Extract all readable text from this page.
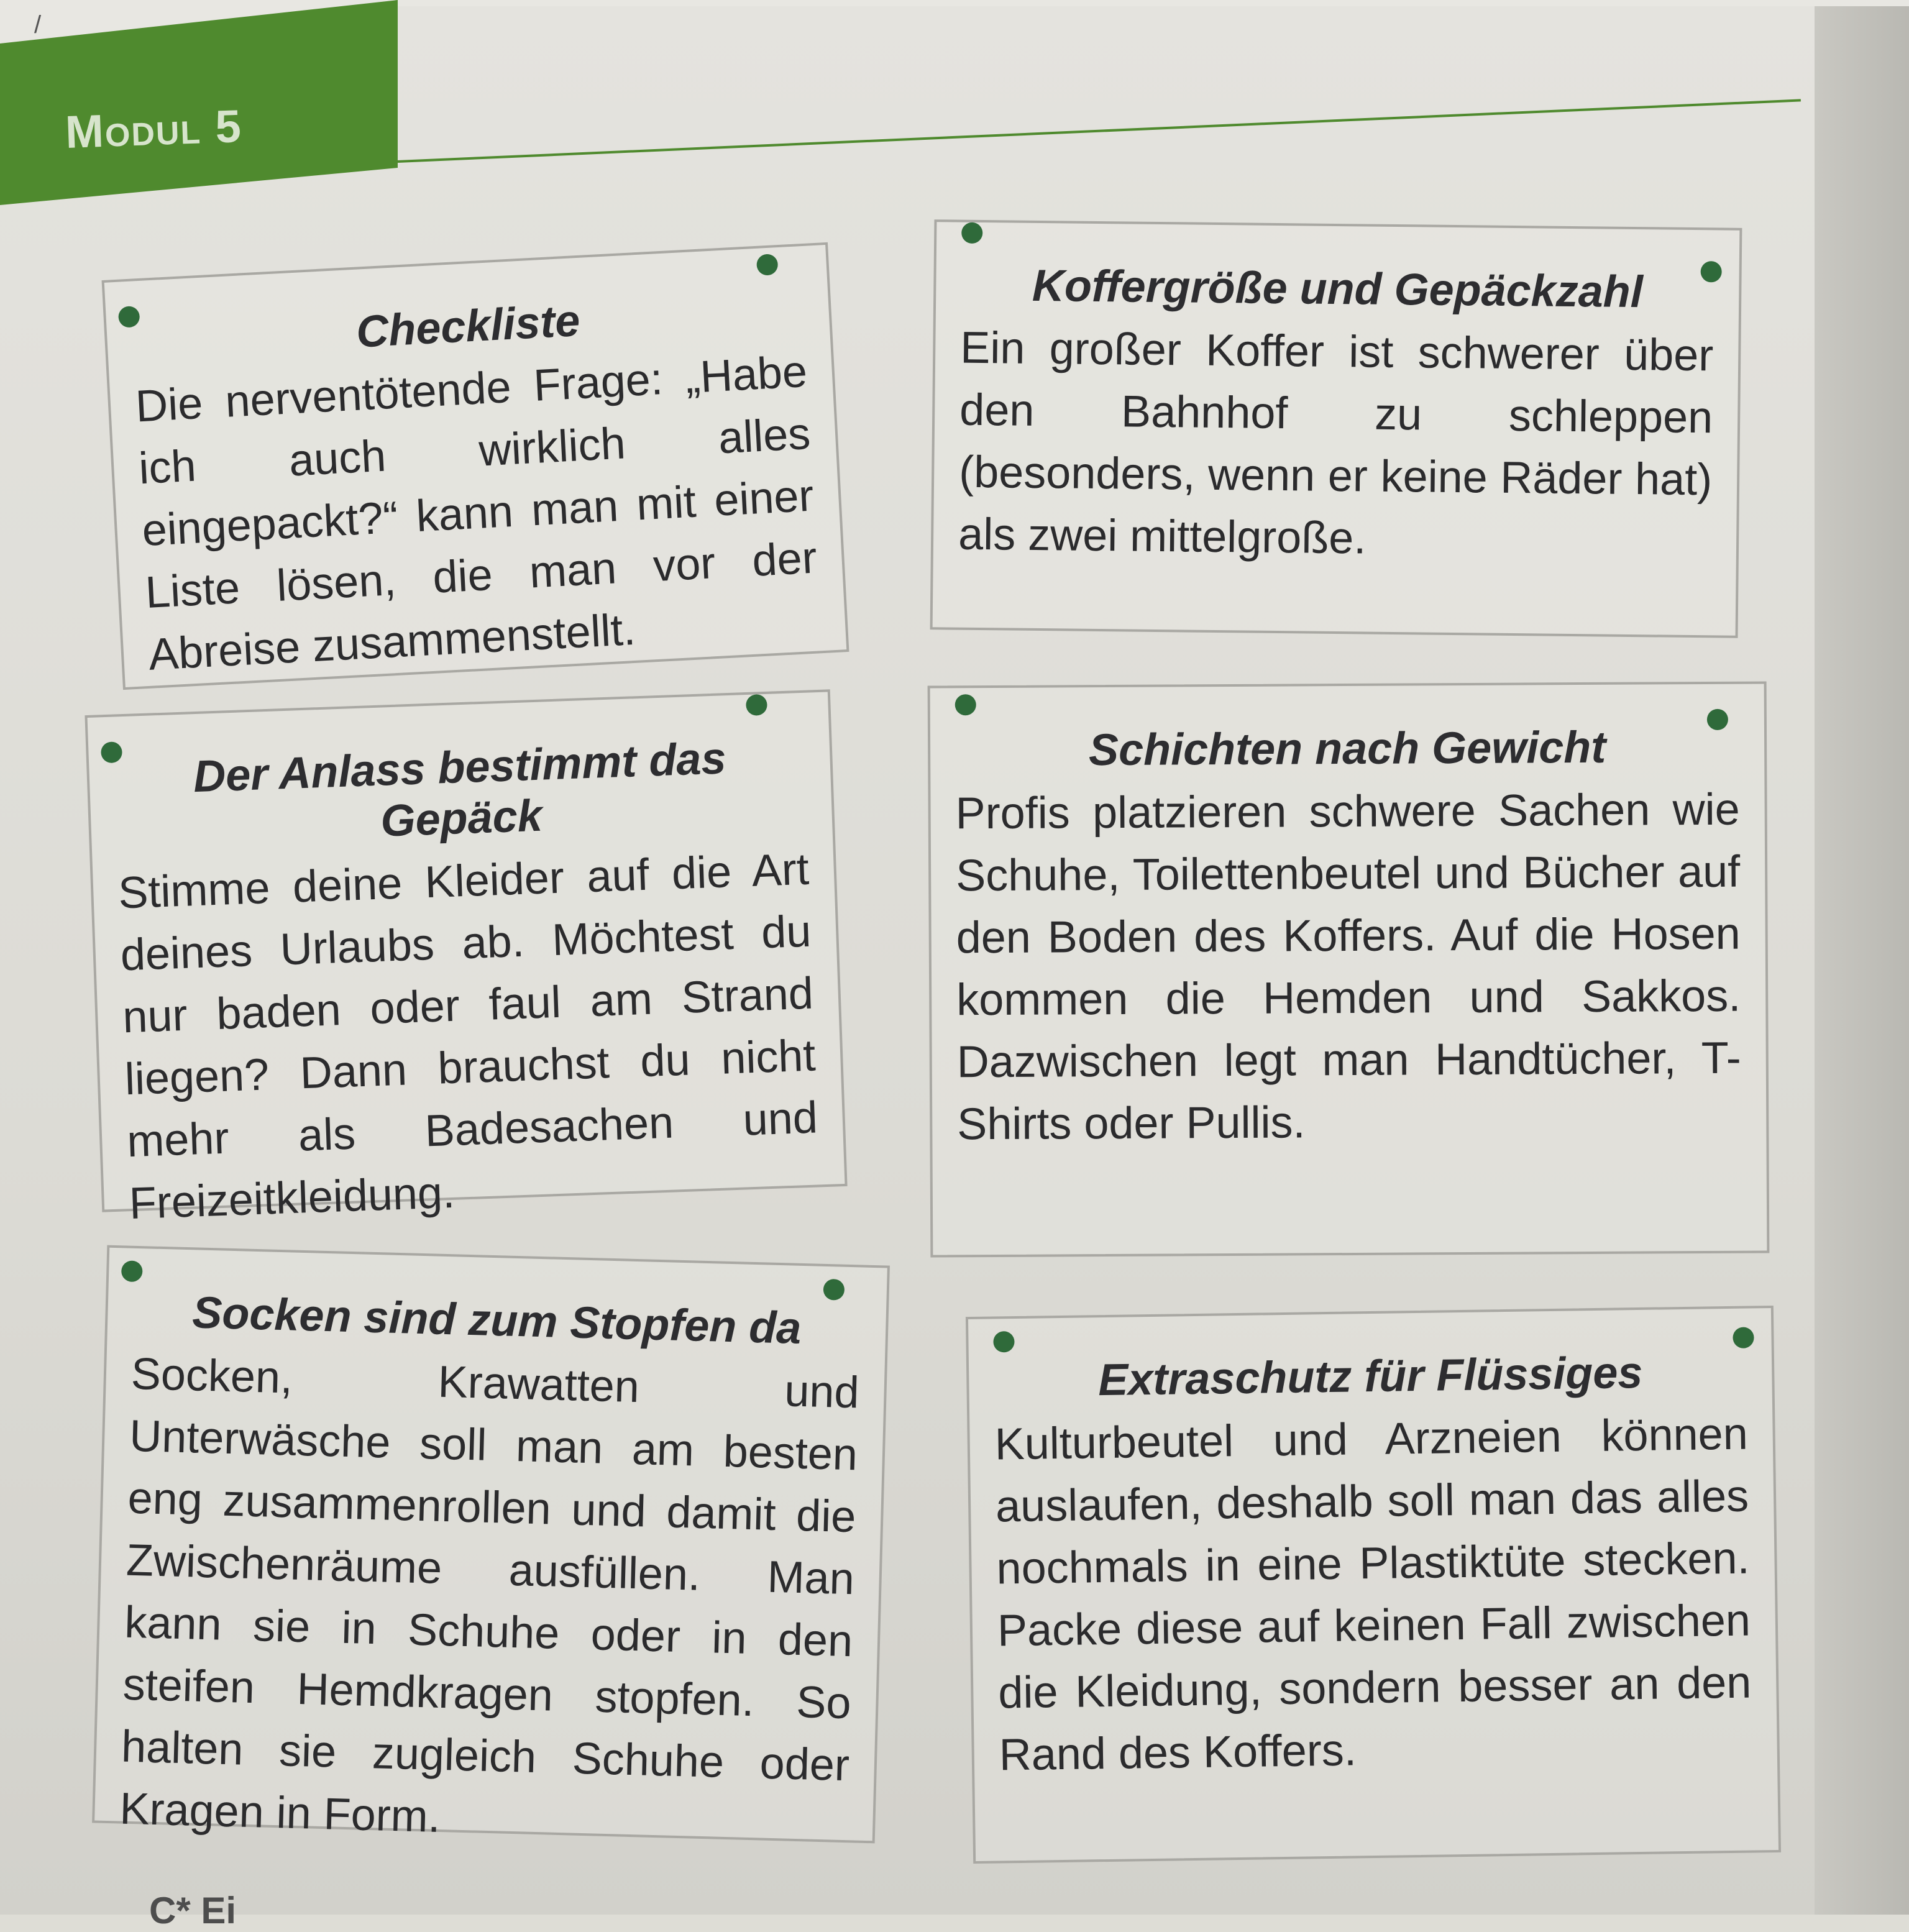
/
Modul 5
Checkliste

Die nerventötende Frage: „Habe ich auch wirklich alles eingepackt?“ kann man mit einer Liste lösen, die man vor der Abreise zusammenstellt.

Koffergröße und Gepäckzahl

Ein großer Koffer ist schwerer über den Bahnhof zu schleppen (besonders, wenn er keine Räder hat) als zwei mittelgroße.

Der Anlass bestimmt das Gepäck

Stimme deine Kleider auf die Art deines Urlaubs ab. Möchtest du nur baden oder faul am Strand liegen? Dann brauchst du nicht mehr als Badesachen und Freizeitkleidung.

Schichten nach Gewicht

Profis platzieren schwere Sachen wie Schuhe, Toilettenbeutel und Bücher auf den Boden des Koffers. Auf die Hosen kommen die Hemden und Sakkos. Dazwischen legt man Handtücher, T-Shirts oder Pullis.

Socken sind zum Stopfen da

Socken, Krawatten und Unterwäsche soll man am besten eng zusammenrollen und damit die Zwischenräume ausfüllen. Man kann sie in Schuhe oder in den steifen Hemdkragen stopfen. So halten sie zugleich Schuhe oder Kragen in Form.

Extraschutz für Flüssiges

Kulturbeutel und Arzneien können auslaufen, deshalb soll man das alles nochmals in eine Plastiktüte stecken. Packe diese auf keinen Fall zwischen die Kleidung, sondern besser an den Rand des Koffers.

C* Ei
